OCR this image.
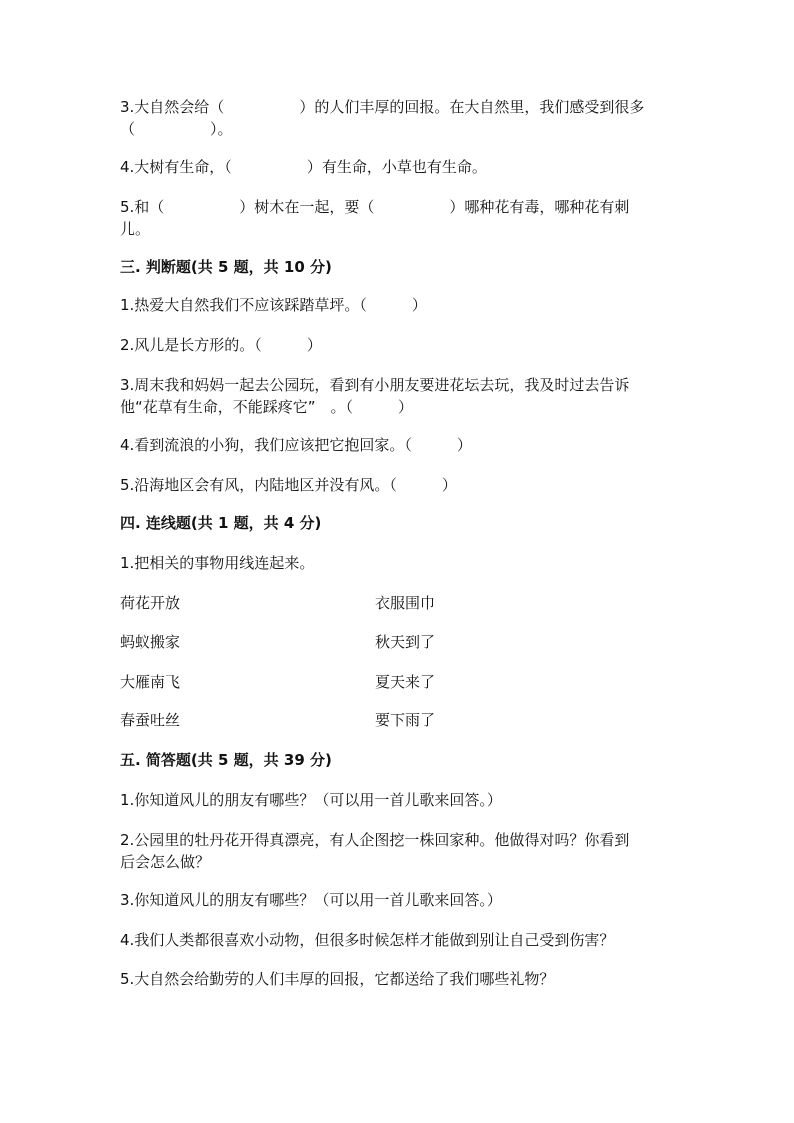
3.大自然会给（　　　　　）的人们丰厚的回报。在大自然里，我们感受到很多

（　　　　　）。

4.大树有生命，（　　　　　）有生命，小草也有生命。

5.和（　　　　　）树木在一起，要（　　　　　）哪种花有毒，哪种花有刺

儿。

三. 判断题(共 5 题，共 10 分)

1.热爱大自然我们不应该踩踏草坪。（　　　）

2.风儿是长方形的。（　　　）

3.周末我和妈妈一起去公园玩，看到有小朋友要进花坛去玩，我及时过去告诉

他“花草有生命，不能踩疼它”　。（　　　）

4.看到流浪的小狗，我们应该把它抱回家。（　　　）

5.沿海地区会有风，内陆地区并没有风。（　　　）

四. 连线题(共 1 题，共 4 分)

1.把相关的事物用线连起来。

荷花开放	衣服围巾
蚂蚁搬家	秋天到了
大雁南飞	夏天来了
春蚕吐丝	要下雨了

五. 简答题(共 5 题，共 39 分)

1.你知道风儿的朋友有哪些？（可以用一首儿歌来回答。）

2.公园里的牡丹花开得真漂亮，有人企图挖一株回家种。他做得对吗？你看到

后会怎么做？

3.你知道风儿的朋友有哪些？（可以用一首儿歌来回答。）

4.我们人类都很喜欢小动物，但很多时候怎样才能做到别让自己受到伤害？

5.大自然会给勤劳的人们丰厚的回报，它都送给了我们哪些礼物？
